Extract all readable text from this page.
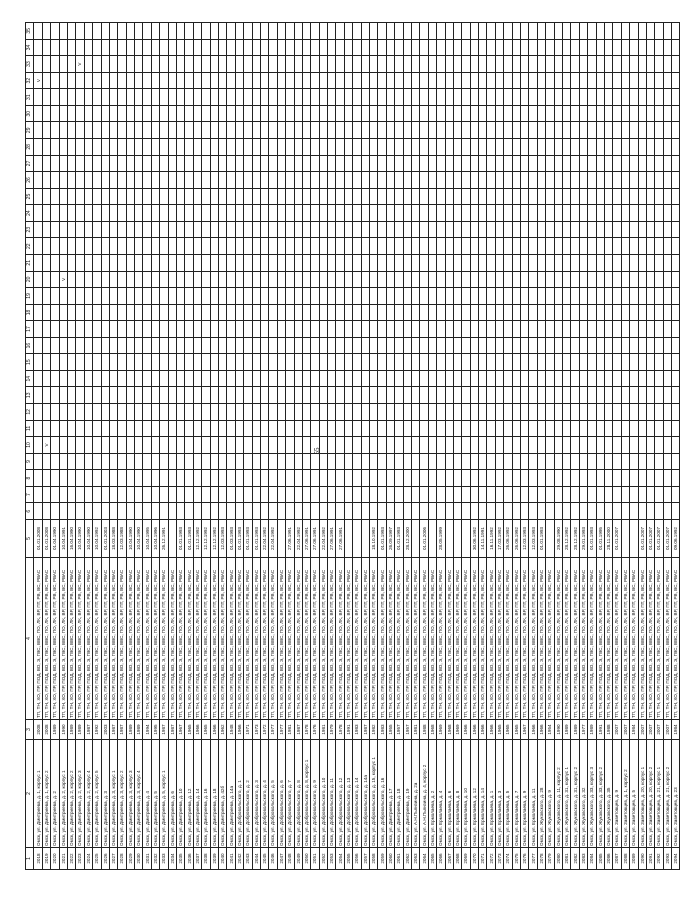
55
1	2	3	4	5	6	7	8	9	10	11	12	13	14	15	16	17	18	19	20	21	22	23	24	25	26	27	28	29	30	31	32	33	34	35
2018	Омск, ул. Дмитриева, д. 1, корпус 1	2008	ТП, ТН, ХО, ПР, ПОД, ВО, Э, ГВС, ВВС, ПО, ЛК, ВР, ПТ, РВ, ВС, РВАС	01.01.2008																											V			
2019	Омск, ул. Дмитриева, д. 1, корпус 2	2008	ТП, ТН, ХО, ПР, ПОД, ВО, Э, ГВС, ВВС, ПО, ЛК, ВР, ПТ, РВ, ВС, РВАС	01.01.2008					V																									
2020	Омск, ул. Дмитриева, д. 2	1989	ТП, ТН, ХО, ПР, ПОД, ВО, Э, ГВС, ВВС, ПО, ЛК, ВР, ПТ, РВ, ВС, РВАС	01.04.1990																														
2021	Омск, ул. Дмитриева, д. 2, корпус 1	1990	ТП, ТН, ХО, ПР, ПОД, ВО, Э, ГВС, ВВС, ПО, ЛК, ВР, ПТ, РВ, ВС, РВАС	10.04.1991															V															
2022	Омск, ул. Дмитриева, д. 2, корпус 2	1989	ТП, ТН, ХО, ПР, ПОД, ВО, Э, ГВС, ВВС, ПО, ЛК, ВР, ПТ, РВ, ВС, РВАС	16.04.1990																														
2023	Омск, ул. Дмитриева, д. 2, корпус 3	1989	ТП, ТН, ХО, ПР, ПОД, ВО, Э, ГВС, ВВС, ПО, ЛК, ВР, ПТ, РВ, ВС, РВАС	10.04.1990																												V		
2024	Омск, ул. Дмитриева, д. 2, корпус 4	1987	ТП, ТН, ХО, ПР, ПОД, ВО, Э, ГВС, ВВС, ПО, ЛК, ВР, ПТ, РВ, ВС, РВАС	10.04.1990																														
2025	Омск, ул. Дмитриева, д. 2, корпус 5	1992	ТП, ТН, ХО, ПР, ПОД, ВО, Э, ГВС, ВВС, ПО, ЛК, ВР, ПТ, РВ, ВС, РВАС	10.04.1992																														
2026	Омск, ул. Дмитриева, д. 3	2003	ТП, ТН, ХО, ПР, ПОД, ВО, Э, ГВС, ВВС, ПО, ЛК, ВР, ПТ, РВ, ВС, РВАС	01.01.2003																														
2027	Омск, ул. Дмитриева, д. 3, корпус 1	1987	ТП, ТН, ХО, ПР, ПОД, ВО, Э, ГВС, ВВС, ПО, ЛК, ВР, ПТ, РВ, ВС, РВАС	18.03.1988																														
2028	Омск, ул. Дмитриева, д. 3, корпус 2	1987	ТП, ТН, ХО, ПР, ПОД, ВО, Э, ГВС, ВВС, ПО, ЛК, ВР, ПТ, РВ, ВС, РВАС	12.03.1988																														
2029	Омск, ул. Дмитриева, д. 3, корпус 3	1989	ТП, ТН, ХО, ПР, ПОД, ВО, Э, ГВС, ВВС, ПО, ЛК, ВР, ПТ, РВ, ВС, РВАС	10.04.1990																														
2030	Омск, ул. Дмитриева, д. 3, корпус 4	1989	ТП, ТН, ХО, ПР, ПОД, ВО, Э, ГВС, ВВС, ПО, ЛК, ВР, ПТ, РВ, ВС, РВАС	10.04.1990																														
2031	Омск, ул. Дмитриева, д. 4	1994	ТП, ТН, ХО, ПР, ПОД, ВО, Э, ГВС, ВВС, ПО, ЛК, ВР, ПТ, РВ, ВС, РВАС	10.04.1995																														
2032	Омск, ул. Дмитриева, д. 5	1995	ТП, ТН, ХО, ПР, ПОД, ВО, Э, ГВС, ВВС, ПО, ЛК, ВР, ПТ, РВ, ВС, РВАС	10.04.1996																														
2033	Омск, ул. Дмитриева, д. 5, корпус 1	1987	ТП, ТН, ХО, ПР, ПОД, ВО, Э, ГВС, ВВС, ПО, ЛК, ВР, ПТ, РВ, ВС, РВАС	26.12.1991																														
2034	Омск, ул. Дмитриева, д. 6	1987	ТП, ТН, ХО, ПР, ПОД, ВО, Э, ГВС, ВВС, ПО, ЛК, ВР, ПТ, РВ, ВС, РВАС																															
2035	Омск, ул. Дмитриева, д. 10	1967	ТП, ТН, ХО, ПР, ПОД, ВО, Э, ГВС, ВВС, ПО, ЛК, ВР, ПТ, РВ, ВС, РВАС	01.01.1993																														
2036	Омск, ул. Дмитриева, д. 12	1965	ТП, ТН, ХО, ПР, ПОД, ВО, Э, ГВС, ВВС, ПО, ЛК, ВР, ПТ, РВ, ВС, РВАС	01.01.1993																														
2037	Омск, ул. Дмитриева, д. 14	1966	ТП, ТН, ХО, ПР, ПОД, ВО, Э, ГВС, ВВС, ПО, ЛК, ВР, ПТ, РВ, ВС, РВАС	12.12.1992																														
2038	Омск, ул. Дмитриева, д. 16	1965	ТП, ТН, ХО, ПР, ПОД, ВО, Э, ГВС, ВВС, ПО, ЛК, ВР, ПТ, РВ, ВС, РВАС	12.12.1992																														
2039	Омск, ул. Дмитриева, д. 18	1966	ТП, ТН, ХО, ПР, ПОД, ВО, Э, ГВС, ВВС, ПО, ЛК, ВР, ПТ, РВ, ВС, РВАС	12.12.1992																														
2040	Омск, ул. Дмитриева, д. 42б	1962	ТП, ТН, ХО, ПР, ПОД, ВО, Э, ГВС, ВВС, ПО, ЛК, ВР, ПТ, РВ, ВС, РВАС	12.03.1993																														
2041	Омск, ул. Дмитриева, д. 14а	1948	ТП, ТН, ХО, ПР, ПОД, ВО, Э, ГВС, ВВС, ПО, ЛК, ВР, ПТ, РВ, ВС, РВАС	01.03.1993																														
2042	Омск, ул. Добровольского, д. 1	1966	ТП, ТН, ХО, ПР, ПОД, ВО, Э, ГВС, ВВС, ПО, ЛК, ВР, ПТ, РВ, ВС, РВАС	01.01.1993																														
2043	Омск, ул. Добровольского, д. 2	1971	ТП, ТН, ХО, ПР, ПОД, ВО, Э, ГВС, ВВС, ПО, ЛК, ВР, ПТ, РВ, ВС, РВАС	01.01.1993																														
2044	Омск, ул. Добровольского, д. 3	1973	ТП, ТН, ХО, ПР, ПОД, ВО, Э, ГВС, ВВС, ПО, ЛК, ВР, ПТ, РВ, ВС, РВАС	01.01.1993																														
2045	Омск, ул. Добровольского, д. 4	1972	ТП, ТН, ХО, ПР, ПОД, ВО, Э, ГВС, ВВС, ПО, ЛК, ВР, ПТ, РВ, ВС, РВАС	22.04.1992																														
2046	Омск, ул. Добровольского, д. 5	1977	ТП, ТН, ХО, ПР, ПОД, ВО, Э, ГВС, ВВС, ПО, ЛК, ВР, ПТ, РВ, ВС, РВАС	22.04.1992																														
2047	Омск, ул. Добровольского, д. 6	1977	ТП, ТН, ХО, ПР, ПОД, ВО, Э, ГВС, ВВС, ПО, ЛК, ВР, ПТ, РВ, ВС, РВАС																															
2048	Омск, ул. Добровольского, д. 7	1981	ТП, ТН, ХО, ПР, ПОД, ВО, Э, ГВС, ВВС, ПО, ЛК, ВР, ПТ, РВ, ВС, РВАС	27.06.1991																														
2049	Омск, ул. Добровольского, д. 8	1987	ТП, ТН, ХО, ПР, ПОД, ВО, Э, ГВС, ВВС, ПО, ЛК, ВР, ПТ, РВ, ВС, РВАС	22.04.1992																														
2050	Омск, ул. Добровольского, д. 8, корпус 1	1978	ТП, ТН, ХО, ПР, ПОД, ВО, Э, ГВС, ВВС, ПО, ЛК, ВР, ПТ, РВ, ВС, РВАС	27.06.1991																														
2051	Омск, ул. Добровольского, д. 9	1976	ТП, ТН, ХО, ПР, ПОД, ВО, Э, ГВС, ВВС, ПО, ЛК, ВР, ПТ, РВ, ВС, РВАС	27.06.1991																														
2052	Омск, ул. Добровольского, д. 10	1981	ТП, ТН, ХО, ПР, ПОД, ВО, Э, ГВС, ВВС, ПО, ЛК, ВР, ПТ, РВ, ВС, РВАС	22.04.1992																														
2053	Омск, ул. Добровольского, д. 11	1979	ТП, ТН, ХО, ПР, ПОД, ВО, Э, ГВС, ВВС, ПО, ЛК, ВР, ПТ, РВ, ВС, РВАС	27.06.1991																														
2054	Омск, ул. Добровольского, д. 12	1978	ТП, ТН, ХО, ПР, ПОД, ВО, Э, ГВС, ВВС, ПО, ЛК, ВР, ПТ, РВ, ВС, РВАС	27.06.1991																														
2055	Омск, ул. Добровольского, д. 13	1991	ТП, ТН, ХО, ПР, ПОД, ВО, Э, ГВС, ВВС, ПО, ЛК, ВР, ПТ, РВ, ВС, РВАС																															
2056	Омск, ул. Добровольского, д. 14	1983	ТП, ТН, ХО, ПР, ПОД, ВО, Э, ГВС, ВВС, ПО, ЛК, ВР, ПТ, РВ, ВС, РВАС																															
2057	Омск, ул. Добровольского, д. 14а	1987	ТП, ТН, ХО, ПР, ПОД, ВО, Э, ГВС, ВВС, ПО, ЛК, ВР, ПТ, РВ, ВС, РВАС																															
2058	Омск, ул. Добровольского, д. 15, корпус 1	1982	ТП, ТН, ХО, ПР, ПОД, ВО, Э, ГВС, ВВС, ПО, ЛК, ВР, ПТ, РВ, ВС, РВАС	18.10.1992																														
2059	Омск, ул. Добровольского, д. 16	1983	ТП, ТН, ХО, ПР, ПОД, ВО, Э, ГВС, ВВС, ПО, ЛК, ВР, ПТ, РВ, ВС, РВАС	01.01.1993																														
2060	Омск, ул. Дмитриева, д. 17	1955	ТП, ТН, ХО, ПР, ПОД, ВО, Э, ГВС, ВВС, ПО, ЛК, ВР, ПТ, РВ, ВС, РВАС	26.09.1997																														
2061	Омск, ул. Дмитриева, д. 18	1957	ТП, ТН, ХО, ПР, ПОД, ВО, Э, ГВС, ВВС, ПО, ЛК, ВР, ПТ, РВ, ВС, РВАС	01.01.1993																														
2062	Омск, ул. Дмитриева, д. 19	1957	ТП, ТН, ХО, ПР, ПОД, ВО, Э, ГВС, ВВС, ПО, ЛК, ВР, ПТ, РВ, ВС, РВАС	28.12.2000																														
2063	Омск, ул. А.Н.Пьянзина, д. 2а	1981	ТП, ТН, ХО, ПР, ПОД, ВО, Э, ГВС, ВВС, ПО, ЛК, ВР, ПТ, РВ, ВС, РВАС																															
2064	Омск, ул. А.Н.Пьянзина, д. 4, корпус 2	1988	ТП, ТН, ХО, ПР, ПОД, ВО, Э, ГВС, ВВС, ПО, ЛК, ВР, ПТ, РВ, ВС, РВАС	01.01.2006																														
2065	Омск, ул. Ермолаева, д. 2	1968	ТП, ТН, ХО, ПР, ПОД, ВО, Э, ГВС, ВВС, ПО, ЛК, ВР, ПТ, РВ, ВС, РВАС																															
2066	Омск, ул. Ермолаева, д. 4	1969	ТП, ТН, ХО, ПР, ПОД, ВО, Э, ГВС, ВВС, ПО, ЛК, ВР, ПТ, РВ, ВС, РВАС	28.05.1999																														
2067	Омск, ул. Ермолаева, д. 6	1968	ТП, ТН, ХО, ПР, ПОД, ВО, Э, ГВС, ВВС, ПО, ЛК, ВР, ПТ, РВ, ВС, РВАС																															
2068	Омск, ул. Ермолаева, д. 8	1969	ТП, ТН, ХО, ПР, ПОД, ВО, Э, ГВС, ВВС, ПО, ЛК, ВР, ПТ, РВ, ВС, РВАС																															
2069	Омск, ул. Ермолаева, д. 10	1966	ТП, ТН, ХО, ПР, ПОД, ВО, Э, ГВС, ВВС, ПО, ЛК, ВР, ПТ, РВ, ВС, РВАС																															
2070	Омск, ул. Ермолаева, д. 12	1966	ТП, ТН, ХО, ПР, ПОД, ВО, Э, ГВС, ВВС, ПО, ЛК, ВР, ПТ, РВ, ВС, РВАС	30.06.1992																														
2071	Омск, ул. Ермолаева, д. 14	1966	ТП, ТН, ХО, ПР, ПОД, ВО, Э, ГВС, ВВС, ПО, ЛК, ВР, ПТ, РВ, ВС, РВАС	14.11.1991																														
2072	Омск, ул. Ермолаева, д. 1	1966	ТП, ТН, ХО, ПР, ПОД, ВО, Э, ГВС, ВВС, ПО, ЛК, ВР, ПТ, РВ, ВС, РВАС	16.11.1992																														
2073	Омск, ул. Ермолаева, д. 3	1965	ТП, ТН, ХО, ПР, ПОД, ВО, Э, ГВС, ВВС, ПО, ЛК, ВР, ПТ, РВ, ВС, РВАС	17.03.1992																														
2074	Омск, ул. Ермолаева, д. 5	1965	ТП, ТН, ХО, ПР, ПОД, ВО, Э, ГВС, ВВС, ПО, ЛК, ВР, ПТ, РВ, ВС, РВАС	26.06.1992																														
2075	Омск, ул. Ермолаева, д. 7	1965	ТП, ТН, ХО, ПР, ПОД, ВО, Э, ГВС, ВВС, ПО, ЛК, ВР, ПТ, РВ, ВС, РВАС	26.06.1992																														
2076	Омск, ул. Ермолаева, д. 9	1967	ТП, ТН, ХО, ПР, ПОД, ВО, Э, ГВС, ВВС, ПО, ЛК, ВР, ПТ, РВ, ВС, РВАС	12.03.1993																														
2077	Омск, ул. Ермолаева, д. 11	1966	ТП, ТН, ХО, ПР, ПОД, ВО, Э, ГВС, ВВС, ПО, ЛК, ВР, ПТ, РВ, ВС, РВАС	12.03.1993																														
2078	Омск, ул. Жуковского, д. 28	1966	ТП, ТН, ХО, ПР, ПОД, ВО, Э, ГВС, ВВС, ПО, ЛК, ВР, ПТ, РВ, ВС, РВАС	01.01.1993																														
2079	Омск, ул. Жуковского, д. 9	1954	ТП, ТН, ХО, ПР, ПОД, ВО, Э, ГВС, ВВС, ПО, ЛК, ВР, ПТ, РВ, ВС, РВАС																															
2080	Омск, ул. Жуковского, д. 11, корпус 2	1990	ТП, ТН, ХО, ПР, ПОД, ВО, Э, ГВС, ВВС, ПО, ЛК, ВР, ПТ, РВ, ВС, РВАС	29.08.1990																														
2081	Омск, ул. Жуковского, д. 31, корпус 1	1989	ТП, ТН, ХО, ПР, ПОД, ВО, Э, ГВС, ВВС, ПО, ЛК, ВР, ПТ, РВ, ВС, РВАС	28.12.1992																														
2082	Омск, ул. Жуковского, д. 31, корпус 2	1989	ТП, ТН, ХО, ПР, ПОД, ВО, Э, ГВС, ВВС, ПО, ЛК, ВР, ПТ, РВ, ВС, РВАС	28.12.1992																														
2083	Омск, ул. Жуковского, д. 32	1977	ТП, ТН, ХО, ПР, ПОД, ВО, Э, ГВС, ВВС, ПО, ЛК, ВР, ПТ, РВ, ВС, РВАС	29.01.1993																														
2084	Омск, ул. Жуковского, д. 33, корпус 3	1989	ТП, ТН, ХО, ПР, ПОД, ВО, Э, ГВС, ВВС, ПО, ЛК, ВР, ПТ, РВ, ВС, РВАС	01.01.1993																														
2085	Омск, ул. Жуковского, д. 33, корпус 2	1991	ТП, ТН, ХО, ПР, ПОД, ВО, Э, ГВС, ВВС, ПО, ЛК, ВР, ПТ, РВ, ВС, РВАС	01.01.1995																														
2086	Омск, ул. Жуковского, д. 35	1988	ТП, ТН, ХО, ПР, ПОД, ВО, Э, ГВС, ВВС, ПО, ЛК, ВР, ПТ, РВ, ВС, РВАС	28.11.2000																														
2087	Омск, ул. Заветовцев, д. 9	2007	ТП, ТН, ХО, ПР, ПОД, ВО, Э, ГВС, ВВС, ПО, ЛК, ВР, ПТ, РВ, ВС, РВАС	01.01.2007																														
2088	Омск, ул. Заветовцев, д. 1, корпус 2	2007	ТП, ТН, ХО, ПР, ПОД, ВО, Э, ГВС, ВВС, ПО, ЛК, ВР, ПТ, РВ, ВС, РВАС																															
2089	Омск, ул. Заветовцев, д. 5	1984	ТП, ТН, ХО, ПР, ПОД, ВО, Э, ГВС, ВВС, ПО, ЛК, ВР, ПТ, РВ, ВС, РВАС																															
2090	Омск, ул. Заветовцев, д. 20, корпус 1	2007	ТП, ТН, ХО, ПР, ПОД, ВО, Э, ГВС, ВВС, ПО, ЛК, ВР, ПТ, РВ, ВС, РВАС	01.01.2007																														
2091	Омск, ул. Заветовцев, д. 20, корпус 2	2007	ТП, ТН, ХО, ПР, ПОД, ВО, Э, ГВС, ВВС, ПО, ЛК, ВР, ПТ, РВ, ВС, РВАС	01.01.2007																														
2092	Омск, ул. Заветовцев, д. 21, корпус 1	2007	ТП, ТН, ХО, ПР, ПОД, ВО, Э, ГВС, ВВС, ПО, ЛК, ВР, ПТ, РВ, ВС, РВАС	01.01.2007																														
2093	Омск, ул. Заветовцев, д. 21, корпус 2	2007	ТП, ТН, ХО, ПР, ПОД, ВО, Э, ГВС, ВВС, ПО, ЛК, ВР, ПТ, РВ, ВС, РВАС	01.01.2007																														
2094	Омск, ул. Заветовцев, д. 23	1984	ТП, ТН, ХО, ПР, ПОД, ВО, Э, ГВС, ВВС, ПО, ЛК, ВР, ПТ, РВ, ВС, РВАС	09.06.1992																														
